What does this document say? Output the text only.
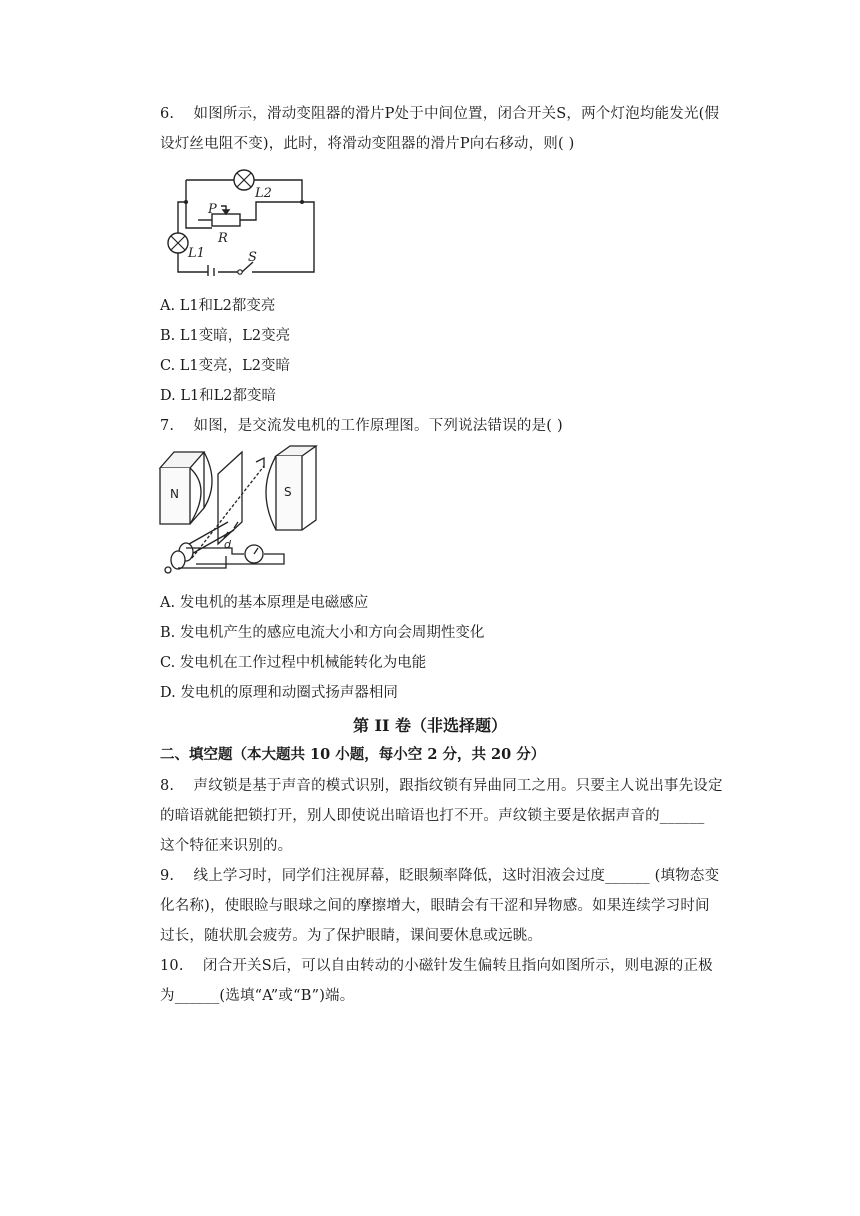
6. 如图所示，滑动变阻器的滑片P处于中间位置，闭合开关S，两个灯泡均能发光(假
设灯丝电阻不变)，此时，将滑动变阻器的滑片P向右移动，则( )
L2
P
R
L1	S
A. L1和L2都变亮
B. L1变暗，L2变亮
C. L1变亮，L2变暗
D. L1和L2都变暗
7. 如图，是交流发电机的工作原理图。下列说法错误的是( )
N	S
d
A. 发电机的基本原理是电磁感应
B. 发电机产生的感应电流大小和方向会周期性变化
C. 发电机在工作过程中机械能转化为电能
D. 发电机的原理和动圈式扬声器相同
第 II 卷（非选择题）
二、填空题（本大题共 10 小题，每小空 2 分，共 20 分）
8. 声纹锁是基于声音的模式识别，跟指纹锁有异曲同工之用。只要主人说出事先设定
的暗语就能把锁打开，别人即使说出暗语也打不开。声纹锁主要是依据声音的______
这个特征来识别的。
9. 线上学习时，同学们注视屏幕，眨眼频率降低，这时泪液会过度______ (填物态变
化名称)，使眼睑与眼球之间的摩擦增大，眼睛会有干涩和异物感。如果连续学习时间
过长，随状肌会疲劳。为了保护眼睛，课间要休息或远眺。
10. 闭合开关S后，可以自由转动的小磁针发生偏转且指向如图所示，则电源的正极
为______(选填“A”或“B”)端。
